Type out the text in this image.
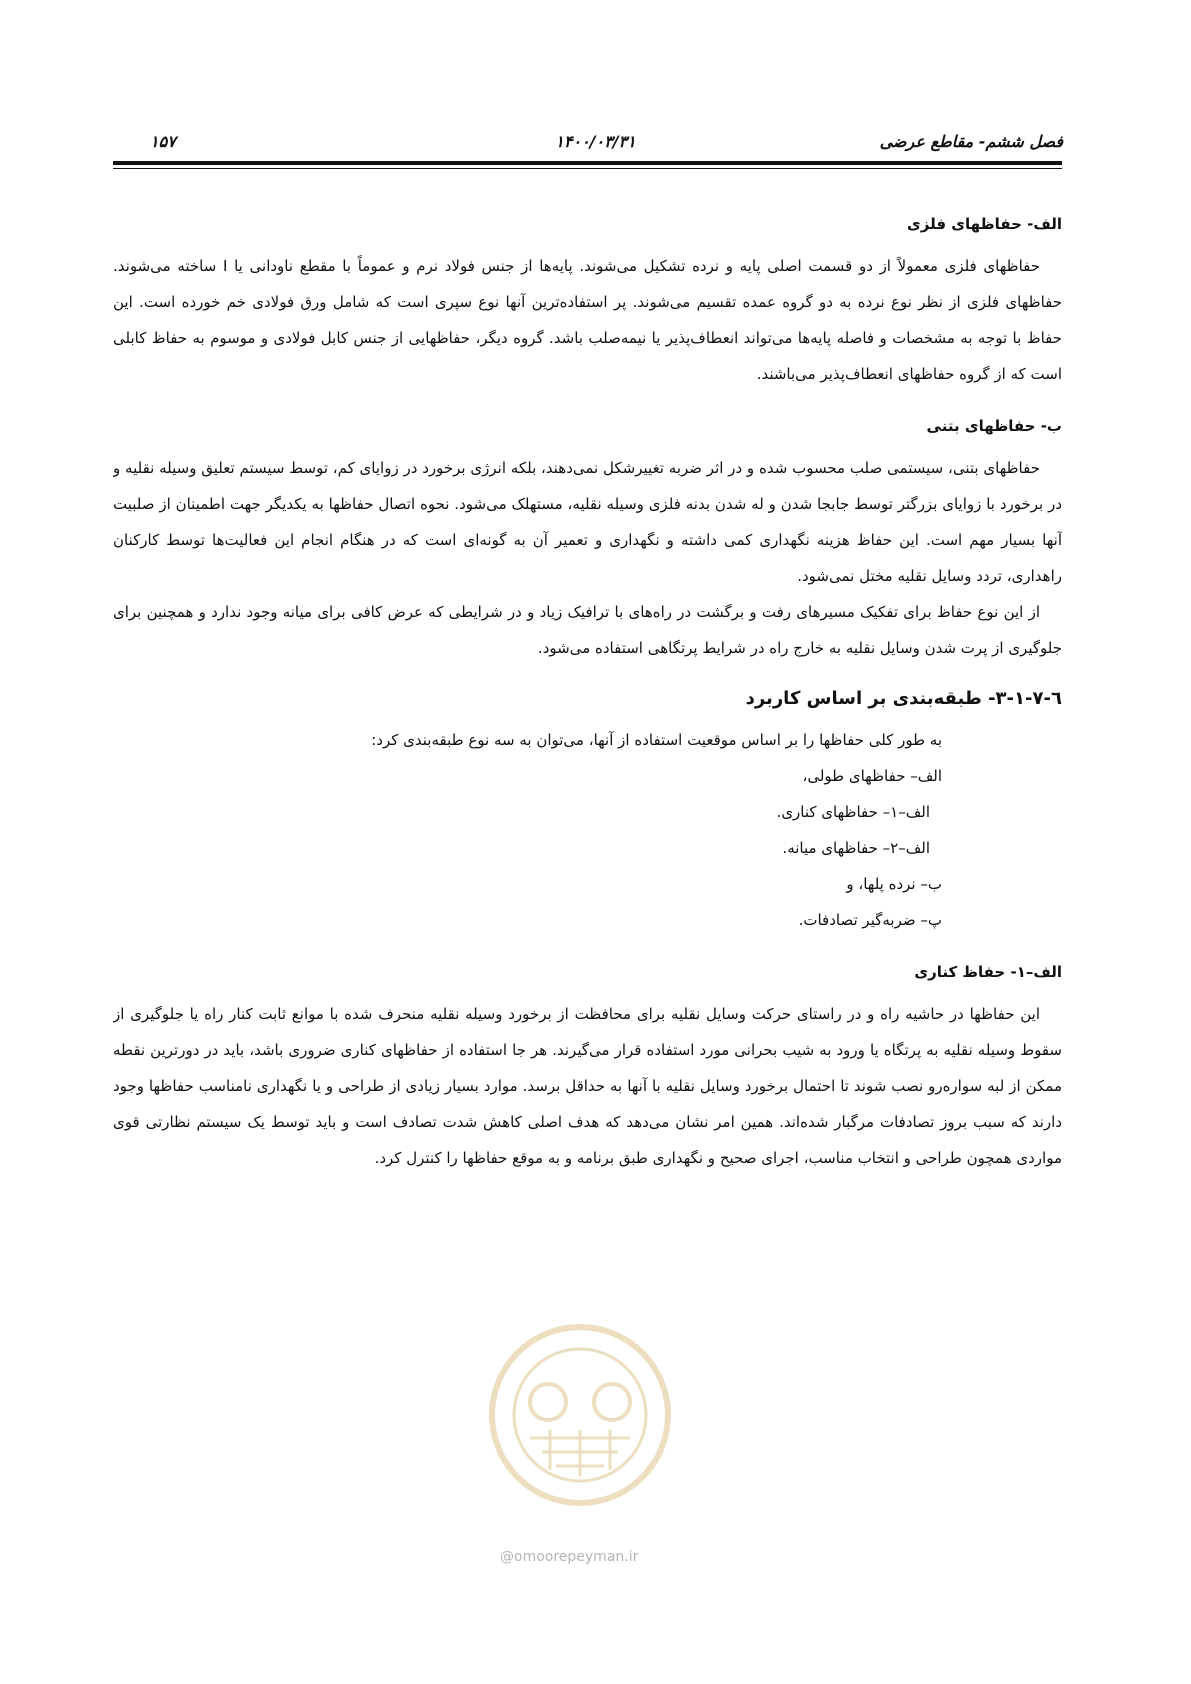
فصل ششم- مقاطع عرضی
۱۴۰۰/۰۳/۳۱
۱۵۷

الف- حفاظهای فلزی

حفاظهای فلزی معمولاً از دو قسمت اصلی پایه و نرده تشکیل می‌شوند. پایه‌ها از جنس فولاد نرم و عموماً با مقطع ناودانی یا I ساخته می‌شوند. حفاظهای فلزی از نظر نوع نرده به دو گروه عمده تقسیم می‌شوند. پر استفاده‌ترین آنها نوع سپری است که شامل ورق فولادی خم خورده است. این حفاظ با توجه به مشخصات و فاصله پایه‌ها می‌تواند انعطاف‌پذیر یا نیمه‌صلب باشد. گروه دیگر، حفاظهایی از جنس کابل فولادی و موسوم به حفاظ کابلی است که از گروه حفاظهای انعطاف‌پذیر می‌باشند.

ب- حفاظهای بتنی

حفاظهای بتنی، سیستمی صلب محسوب شده و در اثر ضربه تغییرشکل نمی‌دهند، بلکه انرژی برخورد در زوایای کم، توسط سیستم تعلیق وسیله نقلیه و در برخورد با زوایای بزرگتر توسط جابجا شدن و له شدن بدنه فلزی وسیله نقلیه، مستهلک می‌شود. نحوه اتصال حفاظها به یکدیگر جهت اطمینان از صلبیت آنها بسیار مهم است. این حفاظ هزینه نگهداری کمی داشته و نگهداری و تعمیر آن به گونه‌ای است که در هنگام انجام این فعالیت‌ها توسط کارکنان راهداری، تردد وسایل نقلیه مختل نمی‌شود.

از این نوع حفاظ برای تفکیک مسیرهای رفت و برگشت در راه‌های با ترافیک زیاد و در شرایطی که عرض کافی برای میانه وجود ندارد و همچنین برای جلوگیری از پرت شدن وسایل نقلیه به خارج راه در شرایط پرتگاهی استفاده می‌شود.

٦-٧-١-٣- طبقه‌بندی بر اساس کاربرد

به طور کلی حفاظها را بر اساس موقعیت استفاده از آنها، می‌توان به سه نوع طبقه‌بندی کرد:
الف– حفاظهای طولی،
الف–۱– حفاظهای کناری.
الف–۲– حفاظهای میانه.
ب– نرده پلها، و
پ– ضربه‌گیر تصادفات.

الف–۱- حفاظ کناری

این حفاظها در حاشیه راه و در راستای حرکت وسایل نقلیه برای محافظت از برخورد وسیله نقلیه منحرف شده با موانع ثابت کنار راه یا جلوگیری از سقوط وسیله نقلیه به پرتگاه یا ورود به شیب بحرانی مورد استفاده قرار می‌گیرند. هر جا استفاده از حفاظهای کناری ضروری باشد، باید در دورترین نقطه ممکن از لبه سواره‌رو نصب شوند تا احتمال برخورد وسایل نقلیه با آنها به حداقل برسد. موارد بسیار زیادی از طراحی و یا نگهداری نامناسب حفاظها وجود دارند که سبب بروز تصادفات مرگبار شده‌اند. همین امر نشان می‌دهد که هدف اصلی کاهش شدت تصادف است و باید توسط یک سیستم نظارتی قوی مواردی همچون طراحی و انتخاب مناسب، اجرای صحیح و نگهداری طبق برنامه و به موقع حفاظها را کنترل کرد.

@omoorepeyman.ir
